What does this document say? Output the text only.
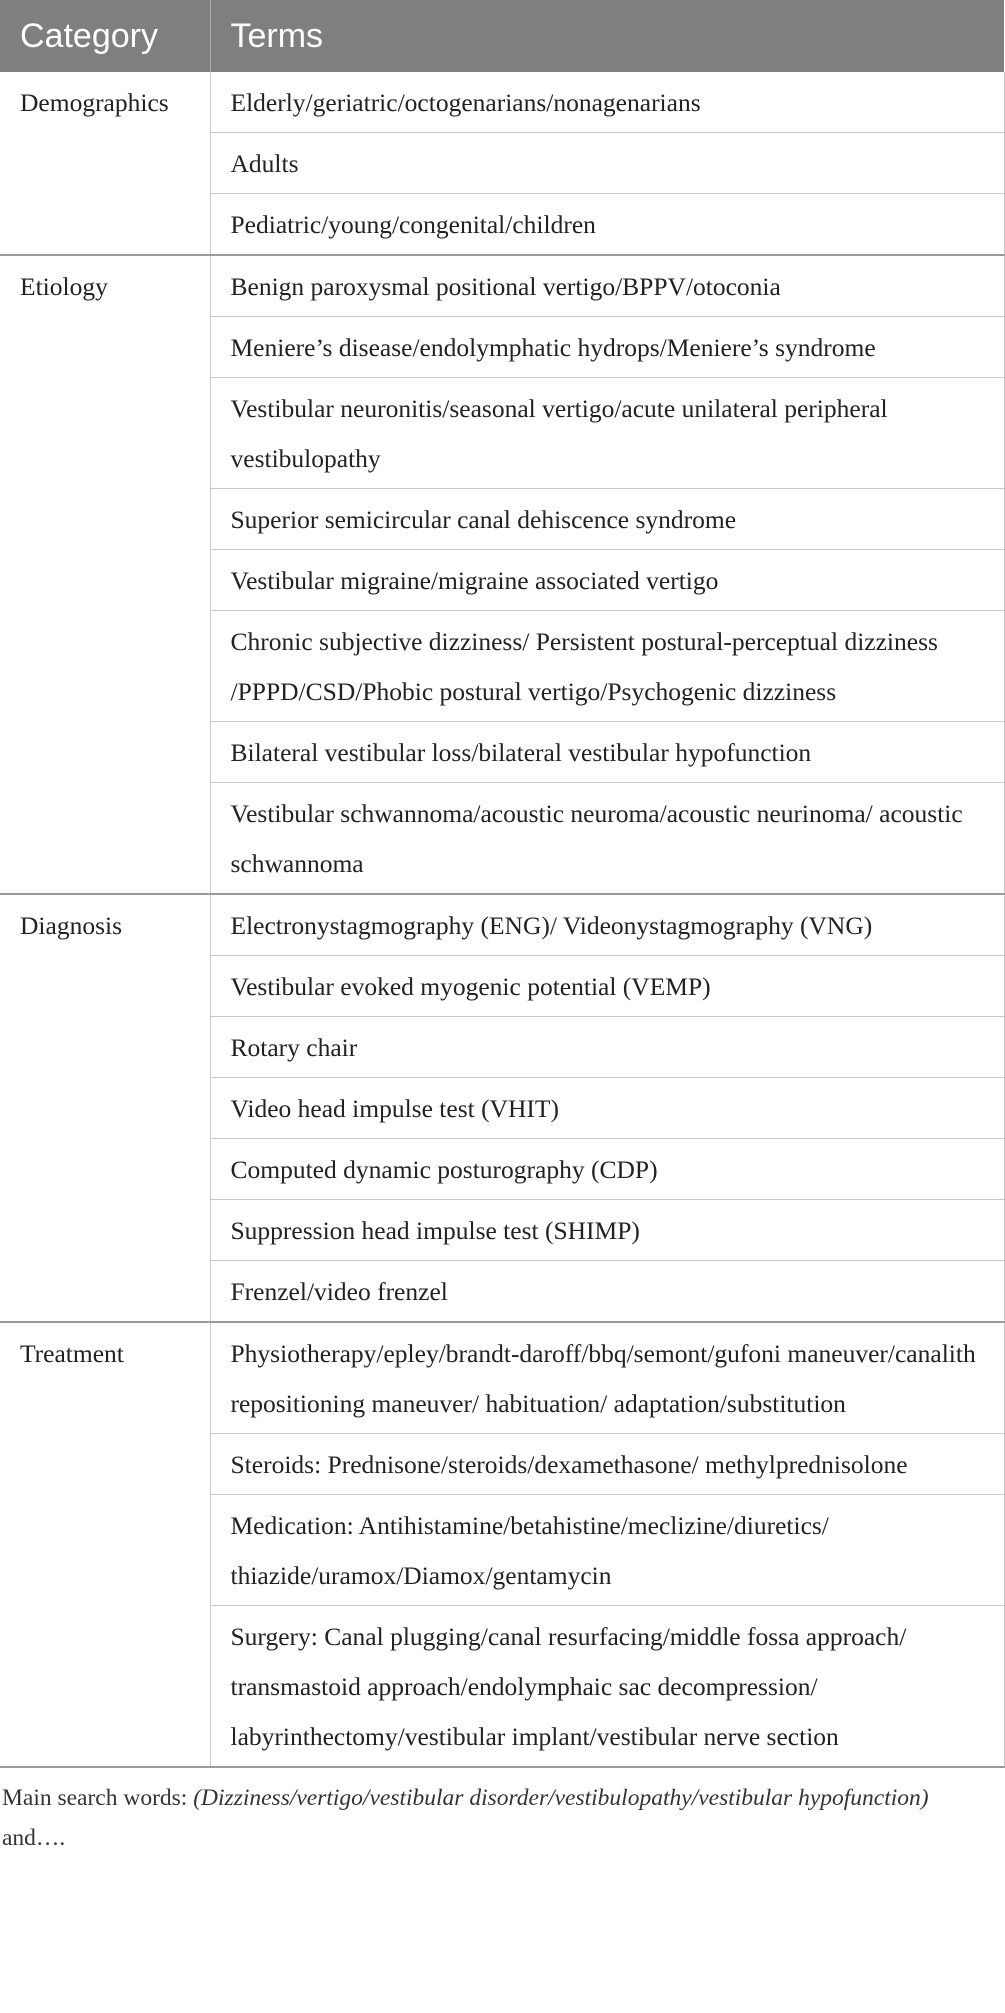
Category	Terms
Demographics	Elderly/geriatric/octogenarians/nonagenarians
	Adults
	Pediatric/young/congenital/children
Etiology	Benign paroxysmal positional vertigo/BPPV/otoconia
	Meniere’s disease/endolymphatic hydrops/Meniere’s syndrome
	Vestibular neuronitis/seasonal vertigo/acute unilateral peripheral vestibulopathy
	Superior semicircular canal dehiscence syndrome
	Vestibular migraine/migraine associated vertigo
	Chronic subjective dizziness/ Persistent postural-perceptual dizziness /PPPD/CSD/Phobic postural vertigo/Psychogenic dizziness
	Bilateral vestibular loss/bilateral vestibular hypofunction
	Vestibular schwannoma/acoustic neuroma/acoustic neurinoma/ acoustic schwannoma
Diagnosis	Electronystagmography (ENG)/ Videonystagmography (VNG)
	Vestibular evoked myogenic potential (VEMP)
	Rotary chair
	Video head impulse test (VHIT)
	Computed dynamic posturography (CDP)
	Suppression head impulse test (SHIMP)
	Frenzel/video frenzel
Treatment	Physiotherapy/epley/brandt-daroff/bbq/semont/gufoni maneuver/canalith repositioning maneuver/ habituation/ adaptation/substitution
	Steroids: Prednisone/steroids/dexamethasone/ methylprednisolone
	Medication: Antihistamine/betahistine/meclizine/diuretics/ thiazide/uramox/Diamox/gentamycin
	Surgery: Canal plugging/canal resurfacing/middle fossa approach/ transmastoid approach/endolymphaic sac decompression/ labyrinthectomy/vestibular implant/vestibular nerve section
Main search words: (Dizziness/vertigo/vestibular disorder/vestibulopathy/vestibular hypofunction) and….
